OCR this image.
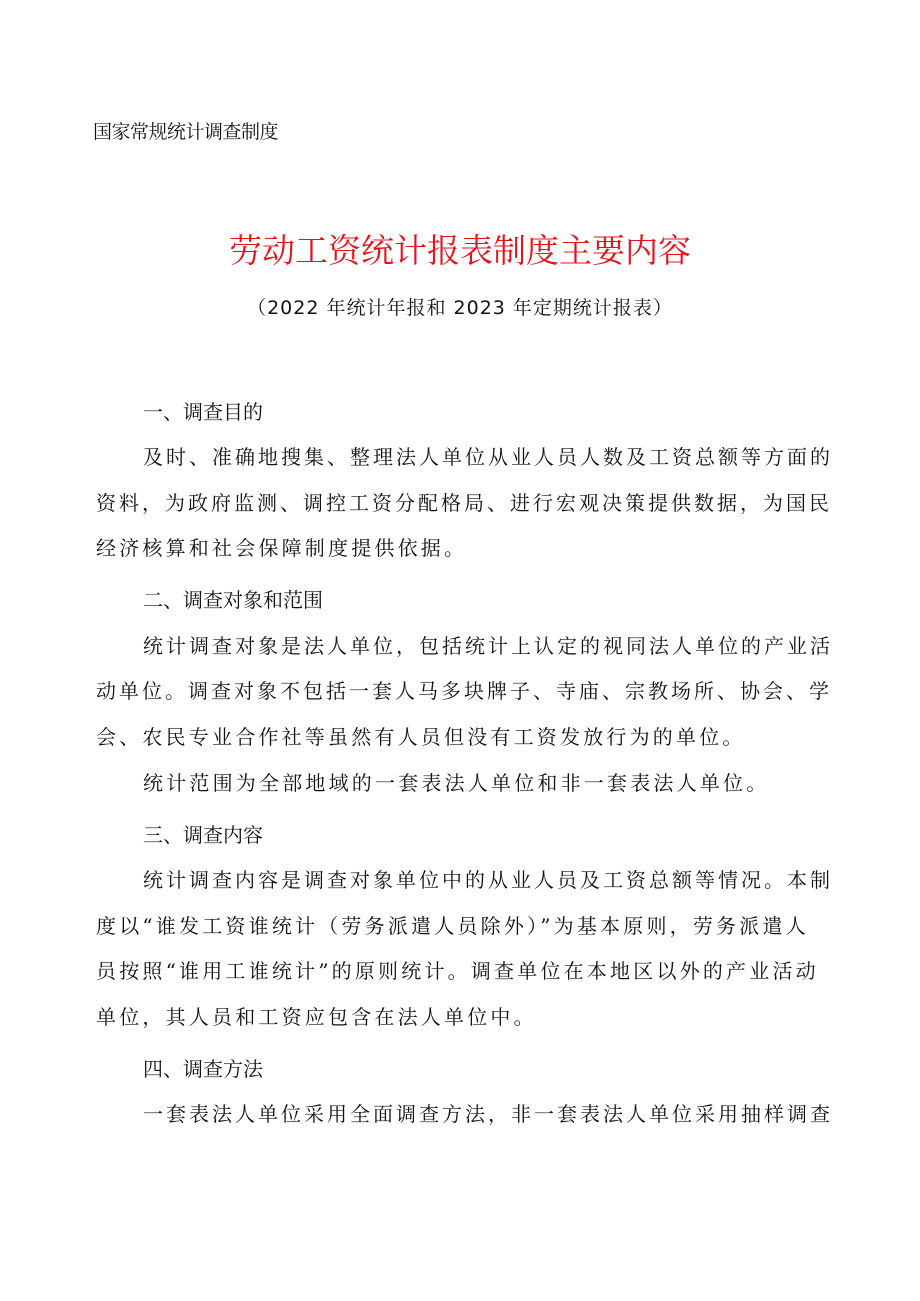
国家常规统计调查制度
劳动工资统计报表制度主要内容
（2022 年统计年报和 2023 年定期统计报表）
一、调查目的
及时、准确地搜集、整理法人单位从业人员人数及工资总额等方面的
资料，为政府监测、调控工资分配格局、进行宏观决策提供数据，为国民
经济核算和社会保障制度提供依据。
二、调查对象和范围
统计调查对象是法人单位，包括统计上认定的视同法人单位的产业活
动单位。调查对象不包括一套人马多块牌子、寺庙、宗教场所、协会、学
会、农民专业合作社等虽然有人员但没有工资发放行为的单位。
统计范围为全部地域的一套表法人单位和非一套表法人单位。
三、调查内容
统计调查内容是调查对象单位中的从业人员及工资总额等情况。本制
度以“谁发工资谁统计（劳务派遣人员除外）”为基本原则，劳务派遣人
员按照“谁用工谁统计”的原则统计。调查单位在本地区以外的产业活动
单位，其人员和工资应包含在法人单位中。
四、调查方法
一套表法人单位采用全面调查方法，非一套表法人单位采用抽样调查
